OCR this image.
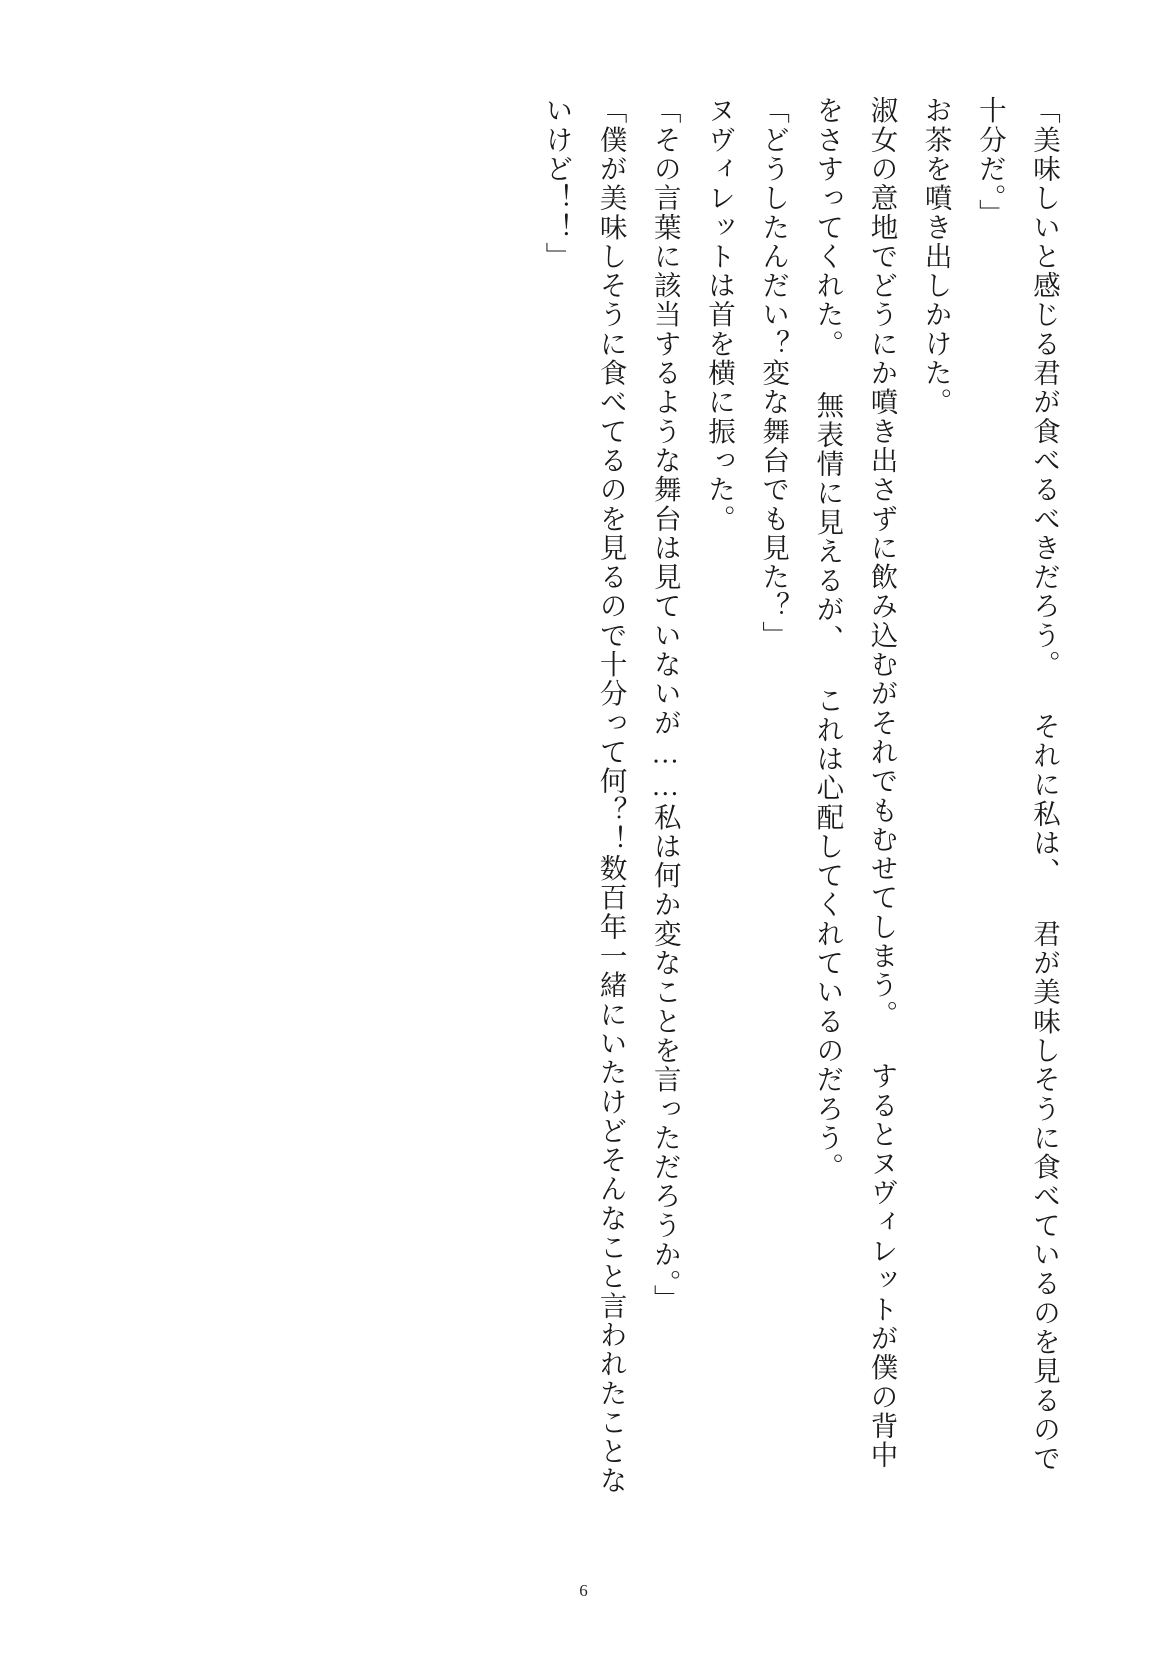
「美味しいと感じる君が食べるべきだろう。 それに私は、 君が美味しそうに食べているのを見るので十分だ。」

お茶を噴き出しかけた。

淑女の意地でどうにか噴き出さずに飲み込むがそれでもむせてしまう。 するとヌヴィレットが僕の背中をさすってくれた。 無表情に見えるが、 これは心配してくれているのだろう。

「どうしたんだい？変な舞台でも見た？」

ヌヴィレットは首を横に振った。

「その言葉に該当するような舞台は見ていないが……私は何か変なことを言っただろうか。」

「僕が美味しそうに食べてるのを見るので十分って何？！数百年一緒にいたけどそんなこと言われたことないけど！！」

6
